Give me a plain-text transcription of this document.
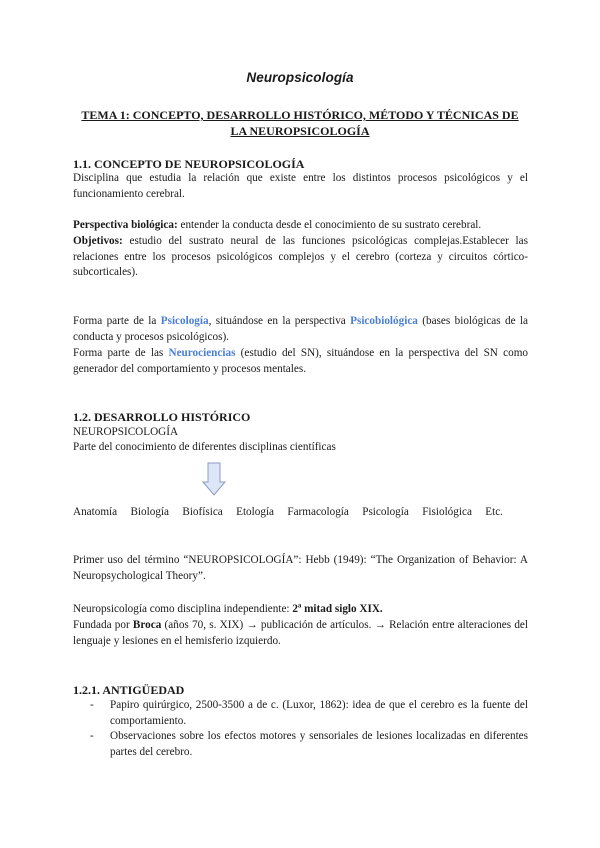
Neuropsicología
TEMA 1: CONCEPTO, DESARROLLO HISTÓRICO, MÉTODO Y TÉCNICAS DE
LA NEUROPSICOLOGÍA
1.1. CONCEPTO DE NEUROPSICOLOGÍA
Disciplina que estudia la relación que existe entre los distintos procesos psicológicos y el funcionamiento cerebral.
Perspectiva biológica: entender la conducta desde el conocimiento de su sustrato cerebral.
Objetivos: estudio del sustrato neural de las funciones psicológicas complejas.Establecer las relaciones entre los procesos psicológicos complejos y el cerebro (corteza y circuitos córtico-subcorticales).
Forma parte de la Psicología, situándose en la perspectiva Psicobiológica (bases biológicas de la conducta y procesos psicológicos).
Forma parte de las Neurociencias (estudio del SN), situándose en la perspectiva del SN como generador del comportamiento y procesos mentales.
1.2. DESARROLLO HISTÓRICO
NEUROPSICOLOGÍA
Parte del conocimiento de diferentes disciplinas científicas
Anatomía Biología Biofísica Etología Farmacología Psicología Fisiológica Etc.
Primer uso del término “NEUROPSICOLOGÍA”: Hebb (1949): “The Organization of Behavior: A Neuropsychological Theory”.
Neuropsicología como disciplina independiente: 2ª mitad siglo XIX.
Fundada por Broca (años 70, s. XIX) → publicación de artículos. → Relación entre alteraciones del lenguaje y lesiones en el hemisferio izquierdo.
1.2.1. ANTIGÜEDAD
- Papiro quirúrgico, 2500-3500 a de c. (Luxor, 1862): idea de que el cerebro es la fuente del comportamiento.
- Observaciones sobre los efectos motores y sensoriales de lesiones localizadas en diferentes partes del cerebro.
